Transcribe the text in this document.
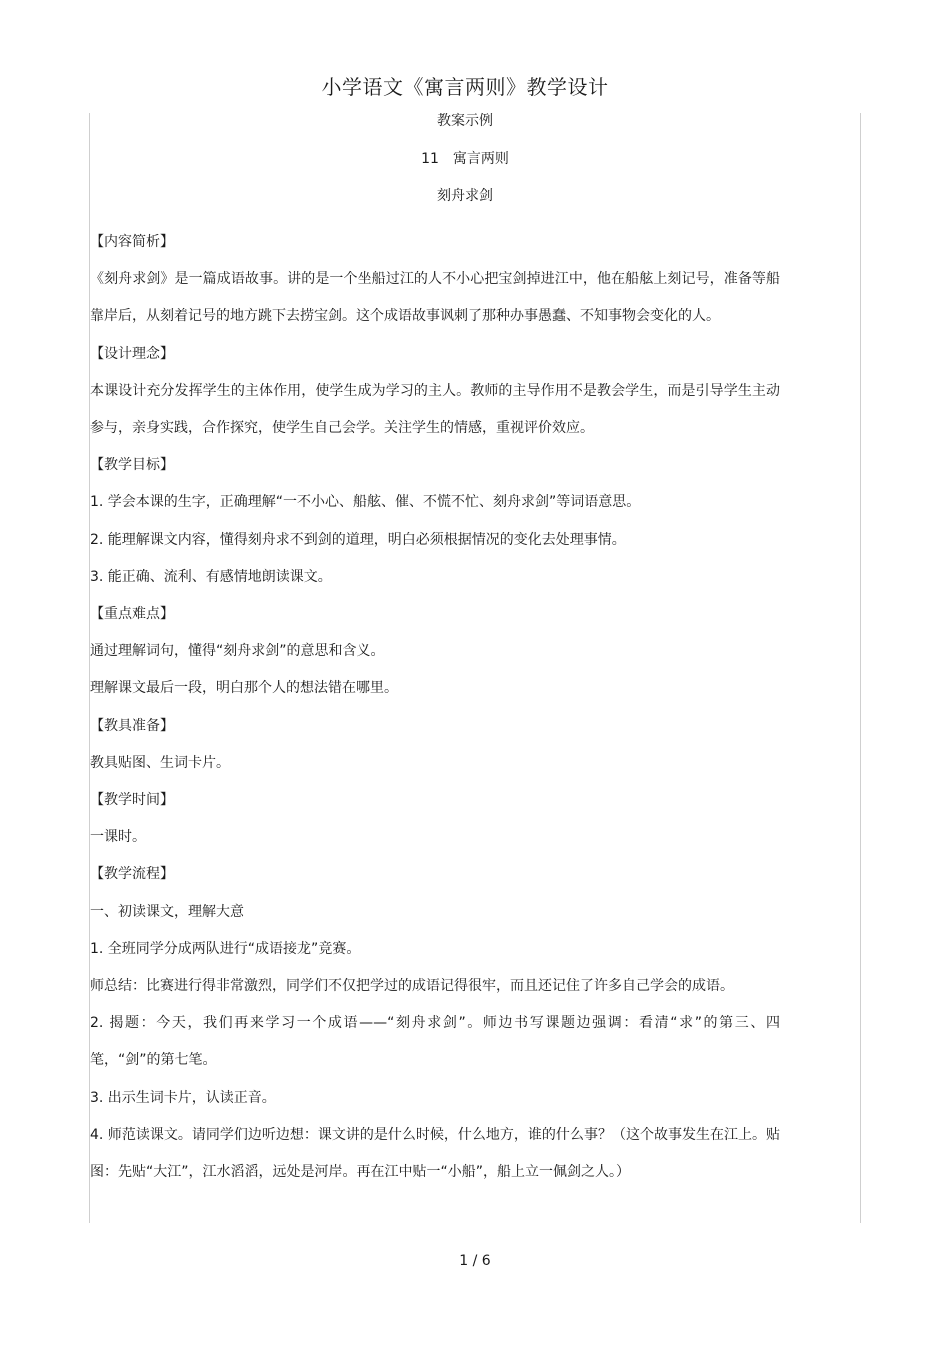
小学语文《寓言两则》教学设计
教案示例
11　寓言两则
刻舟求剑

【内容简析】

《刻舟求剑》是一篇成语故事。讲的是一个坐船过江的人不小心把宝剑掉进江中，他在船舷上刻记号，准备等船靠岸后，从刻着记号的地方跳下去捞宝剑。这个成语故事讽刺了那种办事愚蠢、不知事物会变化的人。

【设计理念】

本课设计充分发挥学生的主体作用，使学生成为学习的主人。教师的主导作用不是教会学生，而是引导学生主动参与，亲身实践，合作探究，使学生自己会学。关注学生的情感，重视评价效应。

【教学目标】

1. 学会本课的生字，正确理解“一不小心、船舷、催、不慌不忙、刻舟求剑”等词语意思。

2. 能理解课文内容，懂得刻舟求不到剑的道理，明白必须根据情况的变化去处理事情。

3. 能正确、流利、有感情地朗读课文。

【重点难点】

通过理解词句，懂得“刻舟求剑”的意思和含义。

理解课文最后一段，明白那个人的想法错在哪里。

【教具准备】

教具贴图、生词卡片。

【教学时间】

一课时。

【教学流程】

一、初读课文，理解大意

1. 全班同学分成两队进行“成语接龙”竞赛。

师总结：比赛进行得非常激烈，同学们不仅把学过的成语记得很牢，而且还记住了许多自己学会的成语。

2. 揭题：今天，我们再来学习一个成语——“刻舟求剑”。师边书写课题边强调：看清“求”的第三、四笔，“剑”的第七笔。

3. 出示生词卡片，认读正音。

4. 师范读课文。请同学们边听边想：课文讲的是什么时候，什么地方，谁的什么事？（这个故事发生在江上。贴图：先贴“大江”，江水滔滔，远处是河岸。再在江中贴一“小船”，船上立一佩剑之人。）

1 / 6
